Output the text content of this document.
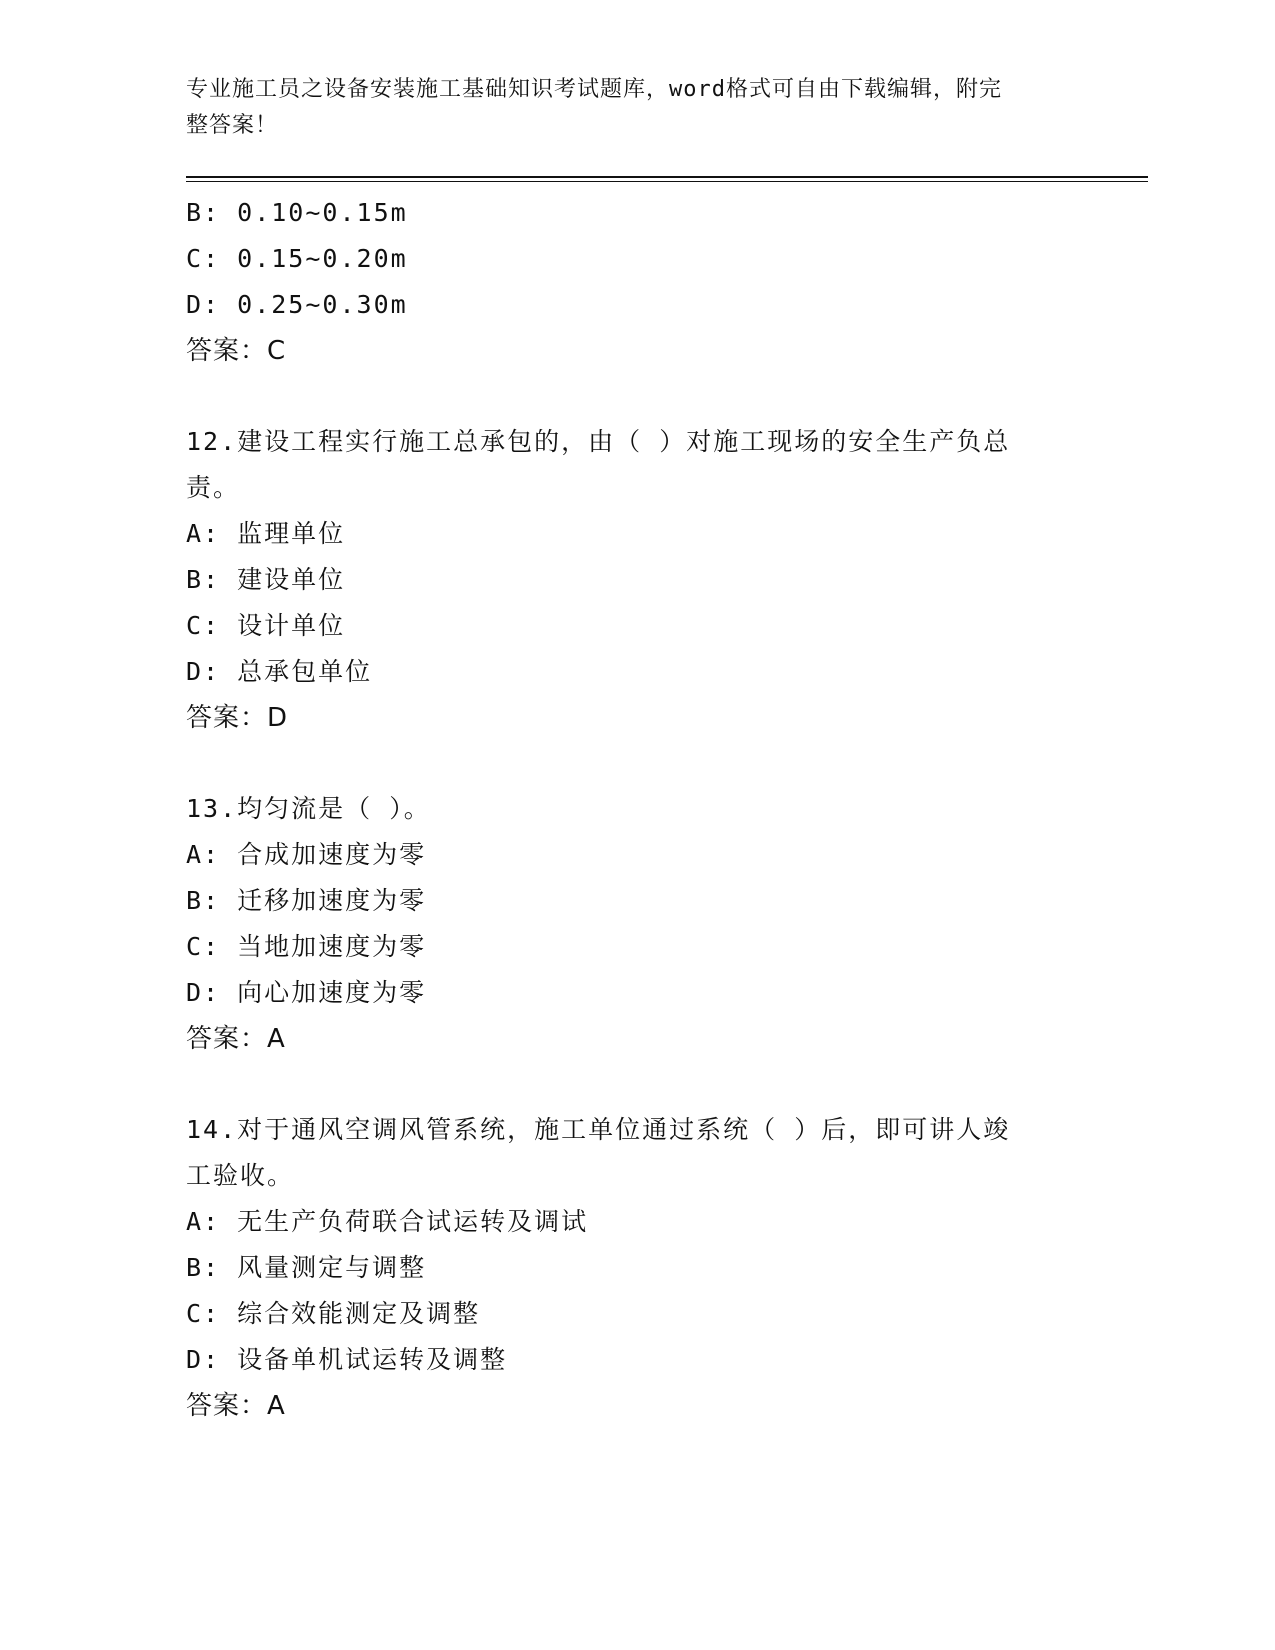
专业施工员之设备安装施工基础知识考试题库，word格式可自由下载编辑，附完
整答案！
B: 0.10~0.15m
C: 0.15~0.20m
D: 0.25~0.30m
答案：C
12.建设工程实行施工总承包的，由（ ）对施工现场的安全生产负总
责。
A: 监理单位
B: 建设单位
C: 设计单位
D: 总承包单位
答案：D
13.均匀流是（ ）。
A: 合成加速度为零
B: 迁移加速度为零
C: 当地加速度为零
D: 向心加速度为零
答案：A
14.对于通风空调风管系统，施工单位通过系统（ ）后，即可讲人竣
工验收。
A: 无生产负荷联合试运转及调试
B: 风量测定与调整
C: 综合效能测定及调整
D: 设备单机试运转及调整
答案：A
